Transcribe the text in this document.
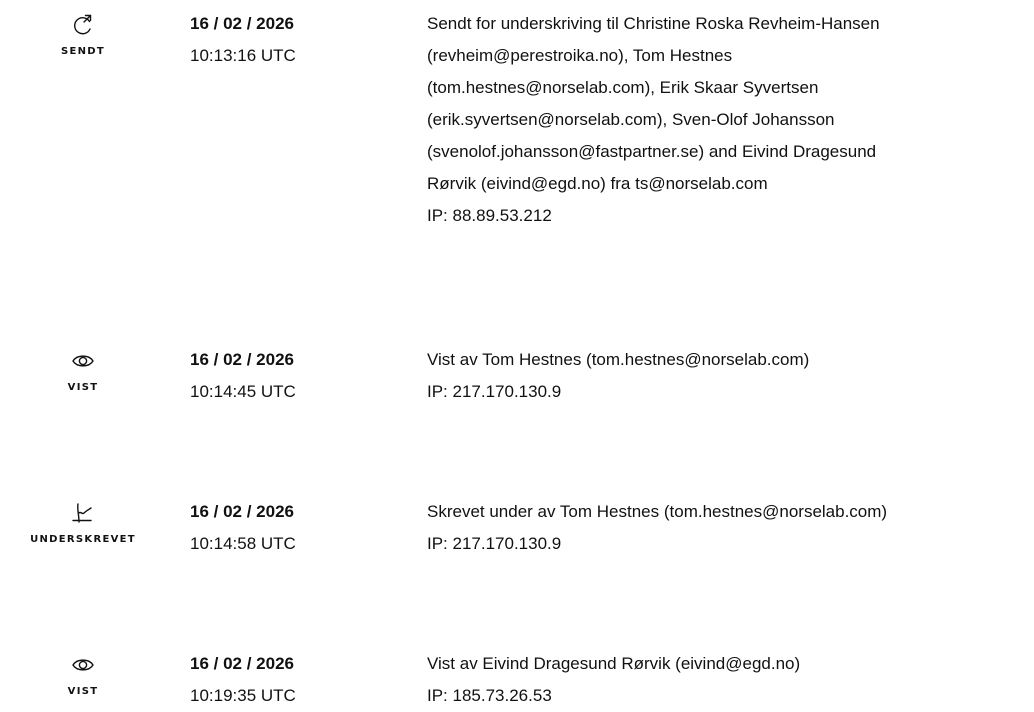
SENDT
16 / 02 / 2026
10:13:16 UTC
Sendt for underskriving til Christine Roska Revheim-Hansen
(revheim@perestroika.no), Tom Hestnes
(tom.hestnes@norselab.com), Erik Skaar Syvertsen
(erik.syvertsen@norselab.com), Sven-Olof Johansson
(svenolof.johansson@fastpartner.se) and Eivind Dragesund
Rørvik (eivind@egd.no) fra ts@norselab.com
IP: 88.89.53.212
VIST
16 / 02 / 2026
10:14:45 UTC
Vist av Tom Hestnes (tom.hestnes@norselab.com)
IP: 217.170.130.9
UNDERSKREVET
16 / 02 / 2026
10:14:58 UTC
Skrevet under av Tom Hestnes (tom.hestnes@norselab.com)
IP: 217.170.130.9
VIST
16 / 02 / 2026
10:19:35 UTC
Vist av Eivind Dragesund Rørvik (eivind@egd.no)
IP: 185.73.26.53
